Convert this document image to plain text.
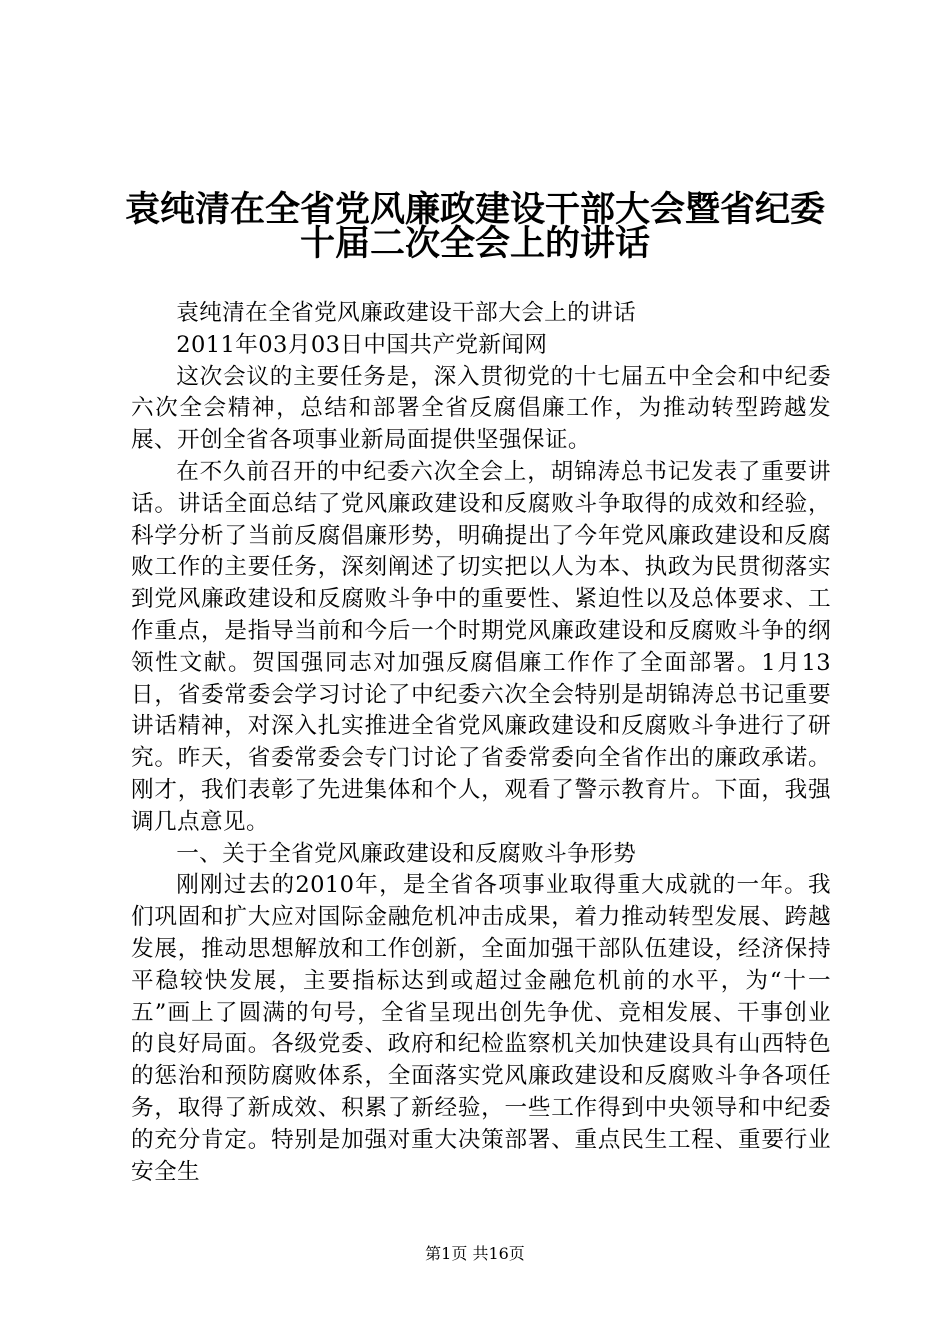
袁纯清在全省党风廉政建设干部大会暨省纪委
十届二次全会上的讲话

袁纯清在全省党风廉政建设干部大会上的讲话

2011年03月03日中国共产党新闻网

这次会议的主要任务是，深入贯彻党的十七届五中全会和中纪委六次全会精神，总结和部署全省反腐倡廉工作，为推动转型跨越发展、开创全省各项事业新局面提供坚强保证。

在不久前召开的中纪委六次全会上，胡锦涛总书记发表了重要讲话。讲话全面总结了党风廉政建设和反腐败斗争取得的成效和经验，科学分析了当前反腐倡廉形势，明确提出了今年党风廉政建设和反腐败工作的主要任务，深刻阐述了切实把以人为本、执政为民贯彻落实到党风廉政建设和反腐败斗争中的重要性、紧迫性以及总体要求、工作重点，是指导当前和今后一个时期党风廉政建设和反腐败斗争的纲领性文献。贺国强同志对加强反腐倡廉工作作了全面部署。1月13日，省委常委会学习讨论了中纪委六次全会特别是胡锦涛总书记重要讲话精神，对深入扎实推进全省党风廉政建设和反腐败斗争进行了研究。昨天，省委常委会专门讨论了省委常委向全省作出的廉政承诺。刚才，我们表彰了先进集体和个人，观看了警示教育片。下面，我强调几点意见。

一、关于全省党风廉政建设和反腐败斗争形势

刚刚过去的2010年，是全省各项事业取得重大成就的一年。我们巩固和扩大应对国际金融危机冲击成果，着力推动转型发展、跨越发展，推动思想解放和工作创新，全面加强干部队伍建设，经济保持平稳较快发展，主要指标达到或超过金融危机前的水平，为“十一五”画上了圆满的句号，全省呈现出创先争优、竞相发展、干事创业的良好局面。各级党委、政府和纪检监察机关加快建设具有山西特色的惩治和预防腐败体系，全面落实党风廉政建设和反腐败斗争各项任务，取得了新成效、积累了新经验，一些工作得到中央领导和中纪委的充分肯定。特别是加强对重大决策部署、重点民生工程、重要行业安全生

第1页 共16页
